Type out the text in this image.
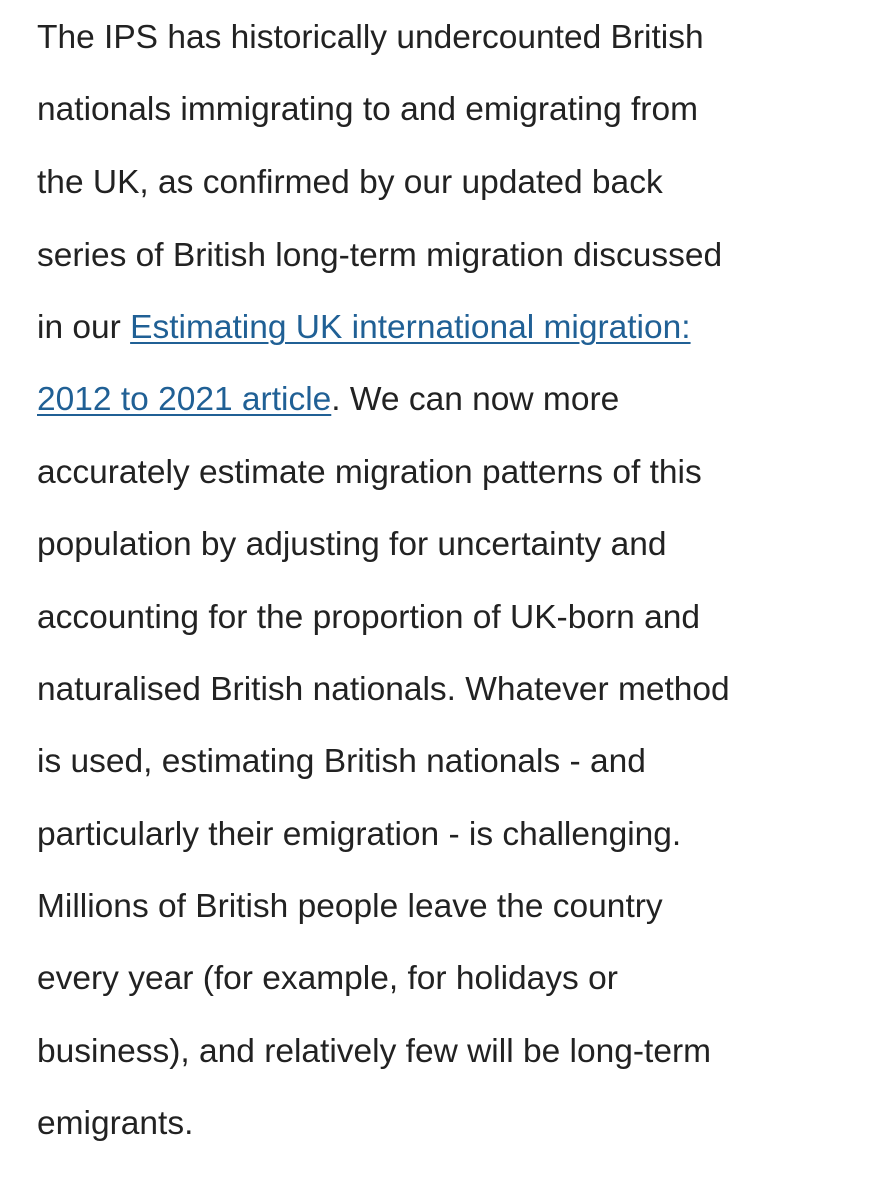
The IPS has historically undercounted British
nationals immigrating to and emigrating from
the UK, as confirmed by our updated back
series of British long-term migration discussed
in our Estimating UK international migration:
2012 to 2021 article. We can now more
accurately estimate migration patterns of this
population by adjusting for uncertainty and
accounting for the proportion of UK-born and
naturalised British nationals. Whatever method
is used, estimating British nationals - and
particularly their emigration - is challenging.
Millions of British people leave the country
every year (for example, for holidays or
business), and relatively few will be long-term
emigrants.
